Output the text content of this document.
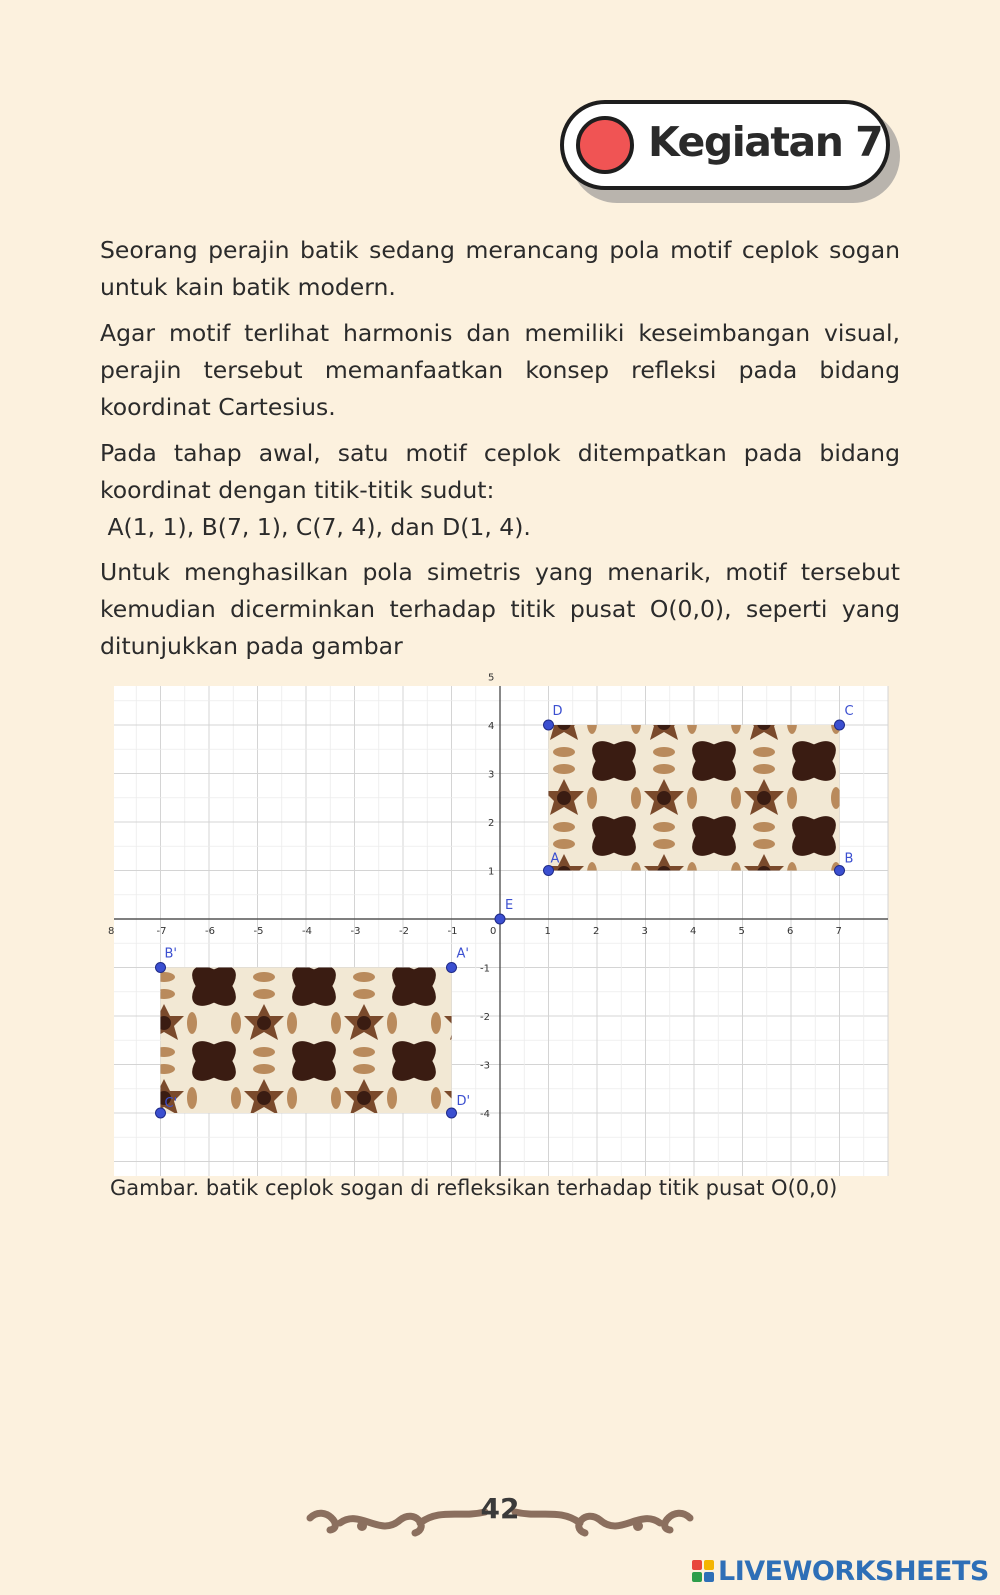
Kegiatan 7

Seorang perajin batik sedang merancang pola motif ceplok sogan untuk kain batik modern.

Agar motif terlihat harmonis dan memiliki keseimbangan visual, perajin tersebut memanfaatkan konsep refleksi pada bidang koordinat Cartesius.

Pada tahap awal, satu motif ceplok ditempatkan pada bidang koordinat dengan titik-titik sudut:
A(1, 1), B(7, 1), C(7, 4), dan D(1, 4).

Untuk menghasilkan pola simetris yang menarik, motif tersebut kemudian dicerminkan terhadap titik pusat O(0,0), seperti yang ditunjukkan pada gambar

8	-7	-6	-5	-4	-3	-2	-1	0	1	2	3	4	5	6	7
5
4
3
2
1
-1
-2
-3
-4
A	B
C
D
E
A'
B'
C'	D'

Gambar. batik ceplok sogan di refleksikan terhadap titik pusat O(0,0)

42
LIVEWORKSHEETS
